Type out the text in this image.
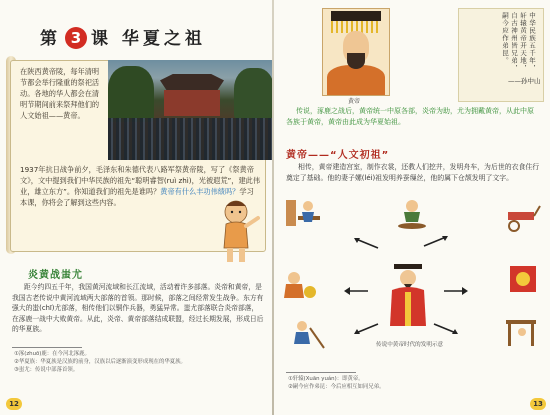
第 3 课 华夏之祖
在陕西黄帝陵，每年清明节都会举行隆重的祭祀活动。各地的华人都会在清明节期间前来祭拜他们的人文始祖——黄帝。

1937年抗日战争前夕，毛泽东和朱德代表八路军祭黄帝陵，写了《祭黄帝文》，文中提到我们中华民族的祖先“聪明睿智(ruì zhì)，光被遐荒”，建此伟业，雄立东方”。你知道我们的祖先是谁吗？黄帝有什么丰功伟绩吗？学习本课，你将会了解到这些内容。

炎黄战蚩尤

距今约四五千年，我国黄河流域和长江流域，活动着许多部落。炎帝和黄帝，是我国古老传说中黄河流域两大部落的首领。那时候，部落之间经常发生战争。东方有强大的蚩(chī)尤部落，相传他们以铜作兵器，勇猛异常。蚩尤部落联合炎帝部落，在涿鹿一战中大败黄帝。从此，炎帝、黄帝部落结成联盟，经过长期发展，形成日后的华夏族。

①涿(zhuō)鹿：在今河北涿鹿。
②华夏族：华夏族是汉族的前身，汉族以后逐渐演变形成现在的华夏族。
③蚩尤：传说中部落首领。
12
黄帝

中华民族五千年，轩辕黄帝开天地，自古神州皆兄弟，嗣今应作弟昆。

——孙中山

传说，涿鹿之战后，黄帝统一中原各部，炎帝为助，尤为拥戴黄帝，从此中原各族于黄帝，黄帝由此成为华夏始祖。

黄帝——“人文初祖”

相传，黄帝建造宫室，制作衣裳，还教人们挖井，发明舟车，为后世的衣食住行奠定了基础。他的妻子嫘(léi)祖发明养蚕缫丝，他的属下仓颉发明了文字。

传说中黄帝时代的发明示意
①轩辕(Xuān yuán)：即黄帝。
②嗣今应作弟昆：今后应相互如同兄弟。
13
